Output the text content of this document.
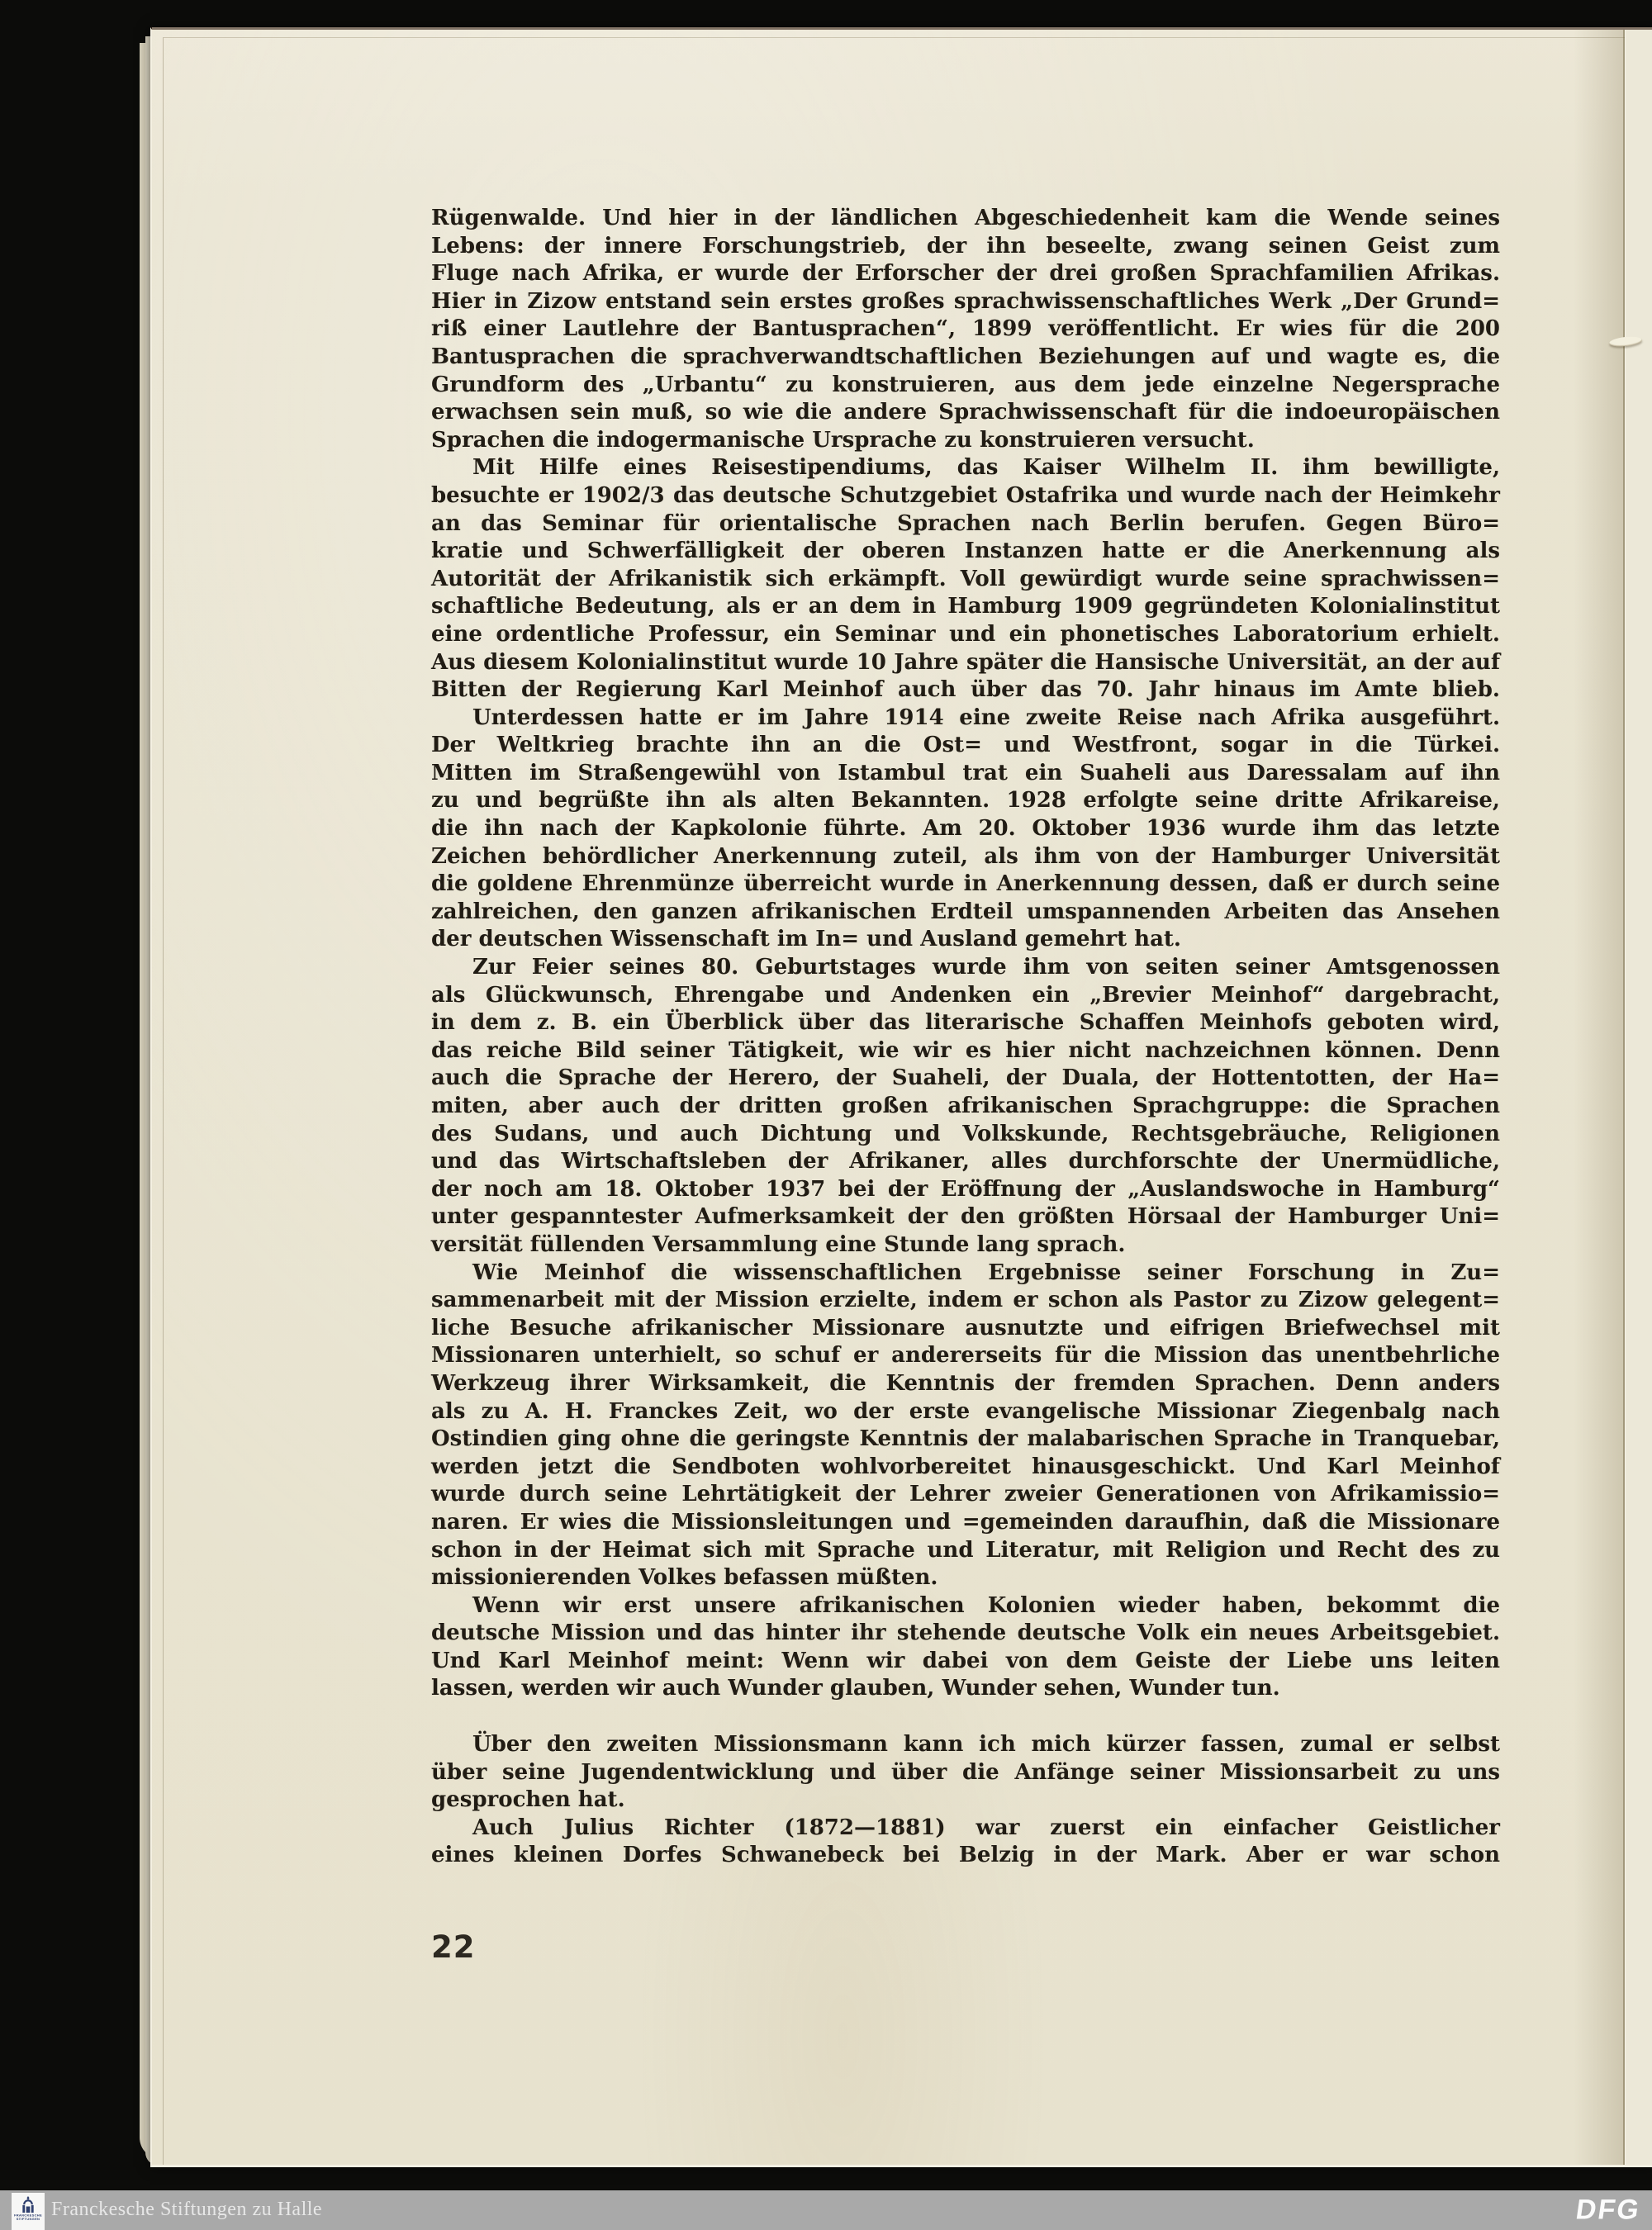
Rügenwalde. Und hier in der ländlichen Abgeschiedenheit kam die Wende seines
Lebens: der innere Forschungstrieb, der ihn beseelte, zwang seinen Geist zum
Fluge nach Afrika, er wurde der Erforscher der drei großen Sprachfamilien Afrikas.
Hier in Zizow entstand sein erstes großes sprachwissenschaftliches Werk „Der Grund=
riß einer Lautlehre der Bantusprachen“, 1899 veröffentlicht. Er wies für die 200
Bantusprachen die sprachverwandtschaftlichen Beziehungen auf und wagte es, die
Grundform des „Urbantu“ zu konstruieren, aus dem jede einzelne Negersprache
erwachsen sein muß, so wie die andere Sprachwissenschaft für die indoeuropäischen
Sprachen die indogermanische Ursprache zu konstruieren versucht.
Mit Hilfe eines Reisestipendiums, das Kaiser Wilhelm II. ihm bewilligte,
besuchte er 1902/3 das deutsche Schutzgebiet Ostafrika und wurde nach der Heimkehr
an das Seminar für orientalische Sprachen nach Berlin berufen. Gegen Büro=
kratie und Schwerfälligkeit der oberen Instanzen hatte er die Anerkennung als
Autorität der Afrikanistik sich erkämpft. Voll gewürdigt wurde seine sprachwissen=
schaftliche Bedeutung, als er an dem in Hamburg 1909 gegründeten Kolonialinstitut
eine ordentliche Professur, ein Seminar und ein phonetisches Laboratorium erhielt.
Aus diesem Kolonialinstitut wurde 10 Jahre später die Hansische Universität, an der auf
Bitten der Regierung Karl Meinhof auch über das 70. Jahr hinaus im Amte blieb.
Unterdessen hatte er im Jahre 1914 eine zweite Reise nach Afrika ausgeführt.
Der Weltkrieg brachte ihn an die Ost= und Westfront, sogar in die Türkei.
Mitten im Straßengewühl von Istambul trat ein Suaheli aus Daressalam auf ihn
zu und begrüßte ihn als alten Bekannten. 1928 erfolgte seine dritte Afrikareise,
die ihn nach der Kapkolonie führte. Am 20. Oktober 1936 wurde ihm das letzte
Zeichen behördlicher Anerkennung zuteil, als ihm von der Hamburger Universität
die goldene Ehrenmünze überreicht wurde in Anerkennung dessen, daß er durch seine
zahlreichen, den ganzen afrikanischen Erdteil umspannenden Arbeiten das Ansehen
der deutschen Wissenschaft im In= und Ausland gemehrt hat.
Zur Feier seines 80. Geburtstages wurde ihm von seiten seiner Amtsgenossen
als Glückwunsch, Ehrengabe und Andenken ein „Brevier Meinhof“ dargebracht,
in dem z. B. ein Überblick über das literarische Schaffen Meinhofs geboten wird,
das reiche Bild seiner Tätigkeit, wie wir es hier nicht nachzeichnen können. Denn
auch die Sprache der Herero, der Suaheli, der Duala, der Hottentotten, der Ha=
miten, aber auch der dritten großen afrikanischen Sprachgruppe: die Sprachen
des Sudans, und auch Dichtung und Volkskunde, Rechtsgebräuche, Religionen
und das Wirtschaftsleben der Afrikaner, alles durchforschte der Unermüdliche,
der noch am 18. Oktober 1937 bei der Eröffnung der „Auslandswoche in Hamburg“
unter gespanntester Aufmerksamkeit der den größten Hörsaal der Hamburger Uni=
versität füllenden Versammlung eine Stunde lang sprach.
Wie Meinhof die wissenschaftlichen Ergebnisse seiner Forschung in Zu=
sammenarbeit mit der Mission erzielte, indem er schon als Pastor zu Zizow gelegent=
liche Besuche afrikanischer Missionare ausnutzte und eifrigen Briefwechsel mit
Missionaren unterhielt, so schuf er andererseits für die Mission das unentbehrliche
Werkzeug ihrer Wirksamkeit, die Kenntnis der fremden Sprachen. Denn anders
als zu A. H. Franckes Zeit, wo der erste evangelische Missionar Ziegenbalg nach
Ostindien ging ohne die geringste Kenntnis der malabarischen Sprache in Tranquebar,
werden jetzt die Sendboten wohlvorbereitet hinausgeschickt. Und Karl Meinhof
wurde durch seine Lehrtätigkeit der Lehrer zweier Generationen von Afrikamissio=
naren. Er wies die Missionsleitungen und =gemeinden daraufhin, daß die Missionare
schon in der Heimat sich mit Sprache und Literatur, mit Religion und Recht des zu
missionierenden Volkes befassen müßten.
Wenn wir erst unsere afrikanischen Kolonien wieder haben, bekommt die
deutsche Mission und das hinter ihr stehende deutsche Volk ein neues Arbeitsgebiet.
Und Karl Meinhof meint: Wenn wir dabei von dem Geiste der Liebe uns leiten
lassen, werden wir auch Wunder glauben, Wunder sehen, Wunder tun.
Über den zweiten Missionsmann kann ich mich kürzer fassen, zumal er selbst
über seine Jugendentwicklung und über die Anfänge seiner Missionsarbeit zu uns
gesprochen hat.
Auch Julius Richter (1872—1881) war zuerst ein einfacher Geistlicher
eines kleinen Dorfes Schwanebeck bei Belzig in der Mark. Aber er war schon
22
FRANCKESCHE
STIFTUNGEN Franckesche Stiftungen zu Halle	DFG
